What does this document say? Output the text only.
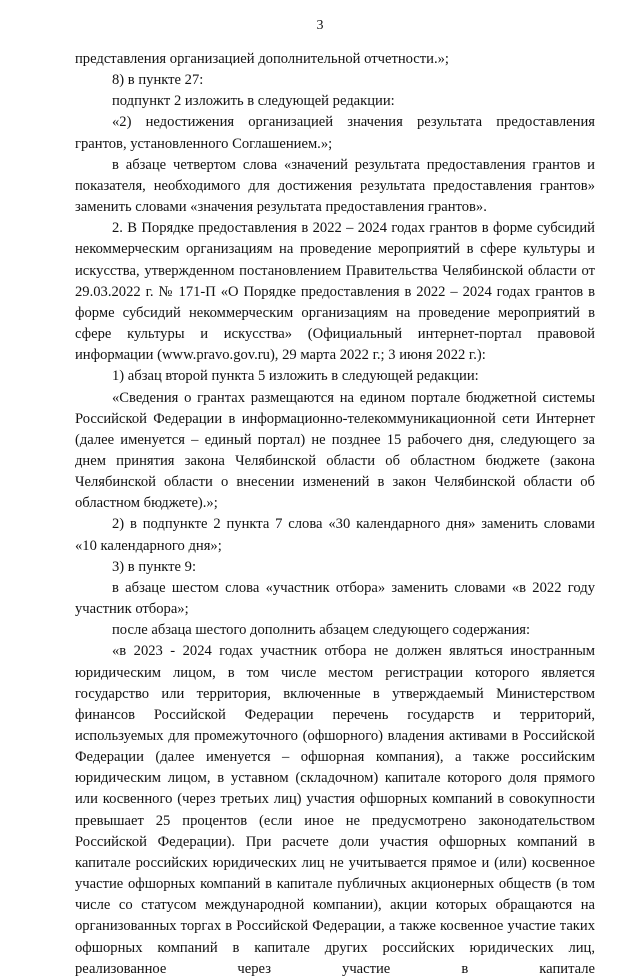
3

представления организацией дополнительной отчетности.»;

8) в пункте 27:

подпункт 2 изложить в следующей редакции:

«2) недостижения организацией значения результата предоставления грантов, установленного Соглашением.»;

в абзаце четвертом слова «значений результата предоставления грантов и показателя, необходимого для достижения результата предоставления грантов» заменить словами «значения результата предоставления грантов».

2. В Порядке предоставления в 2022 – 2024 годах грантов в форме субсидий некоммерческим организациям на проведение мероприятий в сфере культуры и искусства, утвержденном постановлением Правительства Челябинской области от 29.03.2022 г. № 171-П «О Порядке предоставления в 2022 – 2024 годах грантов в форме субсидий некоммерческим организациям на проведение мероприятий в сфере культуры и искусства» (Официальный интернет-портал правовой информации (www.pravo.gov.ru), 29 марта 2022 г.; 3 июня 2022 г.):

1) абзац второй пункта 5 изложить в следующей редакции:

«Сведения о грантах размещаются на едином портале бюджетной системы Российской Федерации в информационно-телекоммуникационной сети Интернет (далее именуется – единый портал) не позднее 15 рабочего дня, следующего за днем принятия закона Челябинской области об областном бюджете (закона Челябинской области о внесении изменений в закон Челябинской области об областном бюджете).»;

2) в подпункте 2 пункта 7 слова «30 календарного дня» заменить словами «10 календарного дня»;

3) в пункте 9:

в абзаце шестом слова «участник отбора» заменить словами «в 2022 году участник отбора»;

после абзаца шестого дополнить абзацем следующего содержания:

«в 2023 - 2024 годах участник отбора не должен являться иностранным юридическим лицом, в том числе местом регистрации которого является государство или территория, включенные в утверждаемый Министерством финансов Российской Федерации перечень государств и территорий, используемых для промежуточного (офшорного) владения активами в Российской Федерации (далее именуется – офшорная компания), а также российским юридическим лицом, в уставном (складочном) капитале которого доля прямого или косвенного (через третьих лиц) участия офшорных компаний в совокупности превышает 25 процентов (если иное не предусмотрено законодательством Российской Федерации). При расчете доли участия офшорных компаний в капитале российских юридических лиц не учитывается прямое и (или) косвенное участие офшорных компаний в капитале публичных акционерных обществ (в том числе со статусом международной компании), акции которых обращаются на организованных торгах в Российской Федерации, а также косвенное участие таких офшорных компаний в капитале других российских юридических лиц, реализованное через участие в капитале
